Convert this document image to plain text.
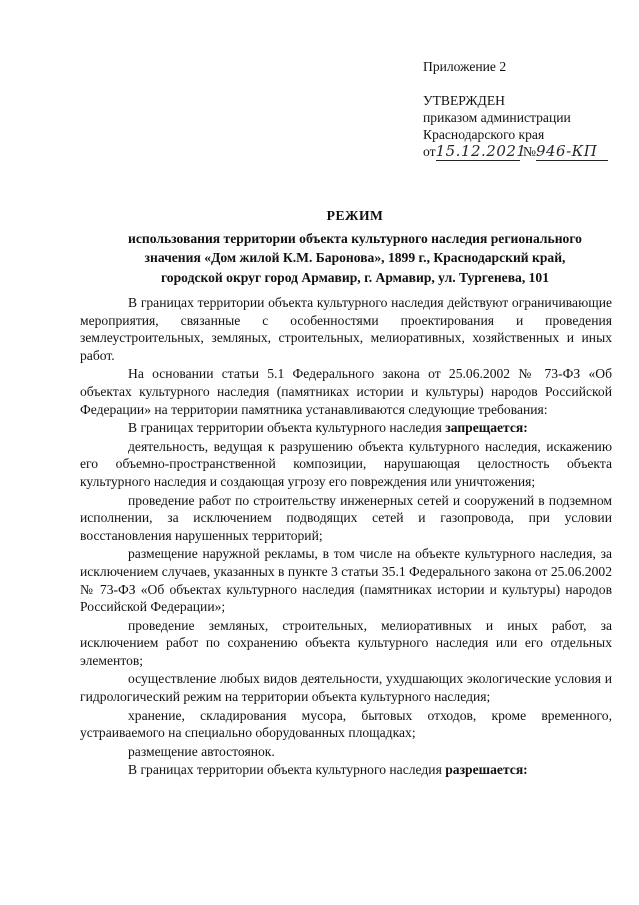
Приложение 2
УТВЕРЖДЕН
приказом администрации
Краснодарского края
от15.12.2021 №946-КП
РЕЖИМ
использования территории объекта культурного наследия регионального
значения «Дом жилой К.М. Баронова», 1899 г., Краснодарский край,
городской округ город Армавир, г. Армавир, ул. Тургенева, 101

В границах территории объекта культурного наследия действуют ограничивающие мероприятия, связанные с особенностями проектирования и проведения землеустроительных, земляных, строительных, мелиоративных, хозяйственных и иных работ.

На основании статьи 5.1 Федерального закона от 25.06.2002 № 73-ФЗ «Об объектах культурного наследия (памятниках истории и культуры) народов Российской Федерации» на территории памятника устанавливаются следующие требования:

В границах территории объекта культурного наследия запрещается:

деятельность, ведущая к разрушению объекта культурного наследия, искажению его объемно-пространственной композиции, нарушающая целостность объекта культурного наследия и создающая угрозу его повреждения или уничтожения;

проведение работ по строительству инженерных сетей и сооружений в подземном исполнении, за исключением подводящих сетей и газопровода, при условии восстановления нарушенных территорий;

размещение наружной рекламы, в том числе на объекте культурного наследия, за исключением случаев, указанных в пункте 3 статьи 35.1 Федерального закона от 25.06.2002 № 73-ФЗ «Об объектах культурного наследия (памятниках истории и культуры) народов Российской Федерации»;

проведение земляных, строительных, мелиоративных и иных работ, за исключением работ по сохранению объекта культурного наследия или его отдельных элементов;

осуществление любых видов деятельности, ухудшающих экологические условия и гидрологический режим на территории объекта культурного наследия;

хранение, складирования мусора, бытовых отходов, кроме временного, устраиваемого на специально оборудованных площадках;

размещение автостоянок.

В границах территории объекта культурного наследия разрешается:
